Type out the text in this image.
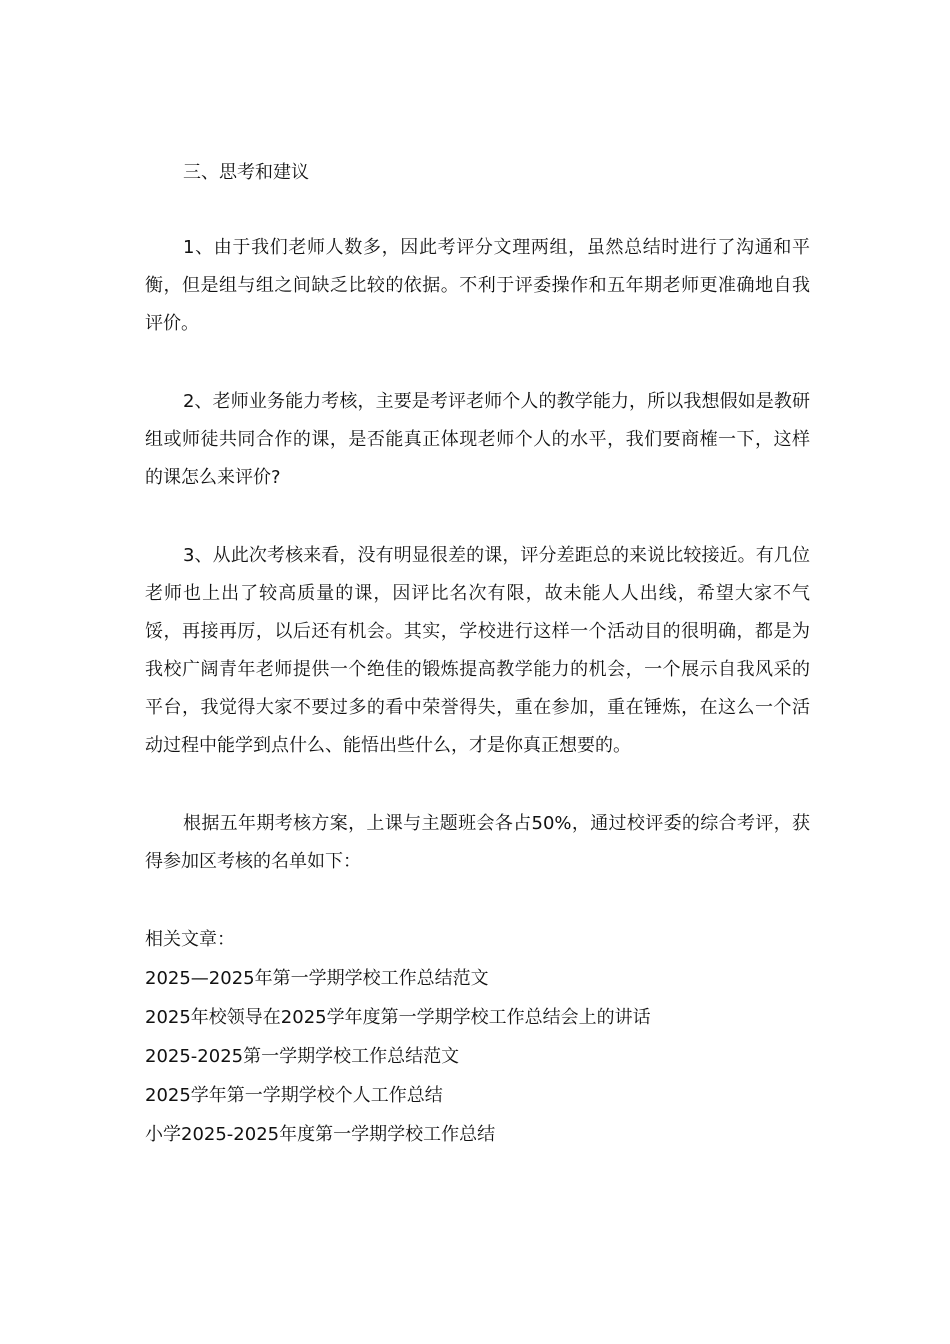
三、思考和建议

1、由于我们老师人数多，因此考评分文理两组，虽然总结时进行了沟通和平衡，但是组与组之间缺乏比较的依据。不利于评委操作和五年期老师更准确地自我评价。

2、老师业务能力考核，主要是考评老师个人的教学能力，所以我想假如是教研组或师徒共同合作的课，是否能真正体现老师个人的水平，我们要商榷一下，这样的课怎么来评价?

3、从此次考核来看，没有明显很差的课，评分差距总的来说比较接近。有几位老师也上出了较高质量的课，因评比名次有限，故未能人人出线，希望大家不气馁，再接再厉，以后还有机会。其实，学校进行这样一个活动目的很明确，都是为我校广阔青年老师提供一个绝佳的锻炼提高教学能力的机会，一个展示自我风采的平台，我觉得大家不要过多的看中荣誉得失，重在参加，重在锤炼，在这么一个活动过程中能学到点什么、能悟出些什么，才是你真正想要的。

根据五年期考核方案，上课与主题班会各占50%，通过校评委的综合考评，获得参加区考核的名单如下：

相关文章：

2025—2025年第一学期学校工作总结范文

2025年校领导在2025学年度第一学期学校工作总结会上的讲话

2025-2025第一学期学校工作总结范文

2025学年第一学期学校个人工作总结

小学2025-2025年度第一学期学校工作总结
